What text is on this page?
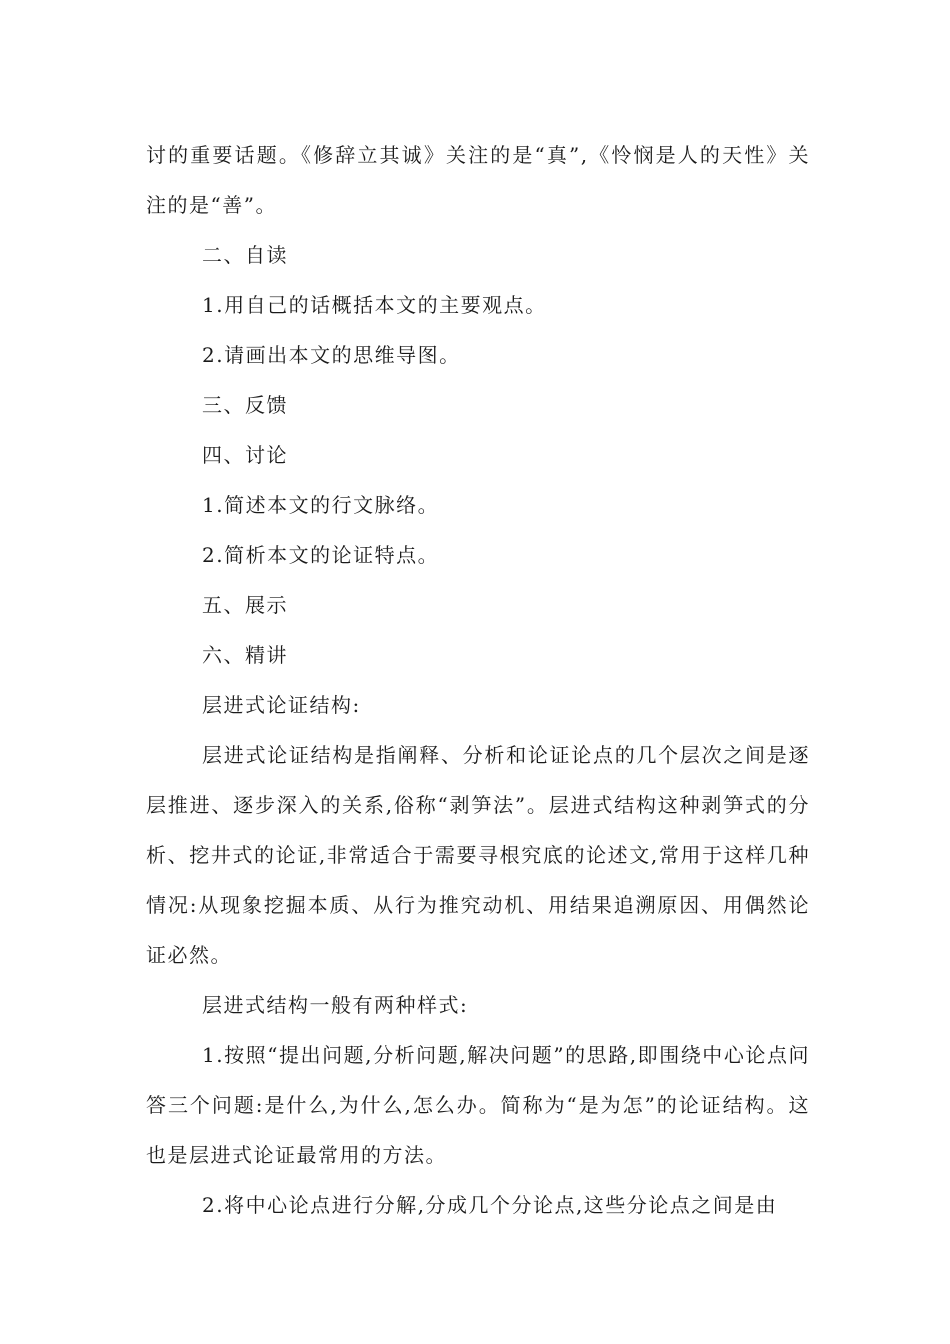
讨的重要话题。《修辞立其诚》关注的是“真”,《怜悯是人的天性》关注的是“善”。

二、自读

1.用自己的话概括本文的主要观点。

2.请画出本文的思维导图。

三、反馈

四、讨论

1.简述本文的行文脉络。

2.简析本文的论证特点。

五、展示

六、精讲

层进式论证结构:

层进式论证结构是指阐释、分析和论证论点的几个层次之间是逐层推进、逐步深入的关系,俗称“剥笋法”。层进式结构这种剥笋式的分析、挖井式的论证,非常适合于需要寻根究底的论述文,常用于这样几种情况:从现象挖掘本质、从行为推究动机、用结果追溯原因、用偶然论证必然。

层进式结构一般有两种样式:

1.按照“提出问题,分析问题,解决问题”的思路,即围绕中心论点问答三个问题:是什么,为什么,怎么办。简称为“是为怎”的论证结构。这也是层进式论证最常用的方法。

2.将中心论点进行分解,分成几个分论点,这些分论点之间是由
